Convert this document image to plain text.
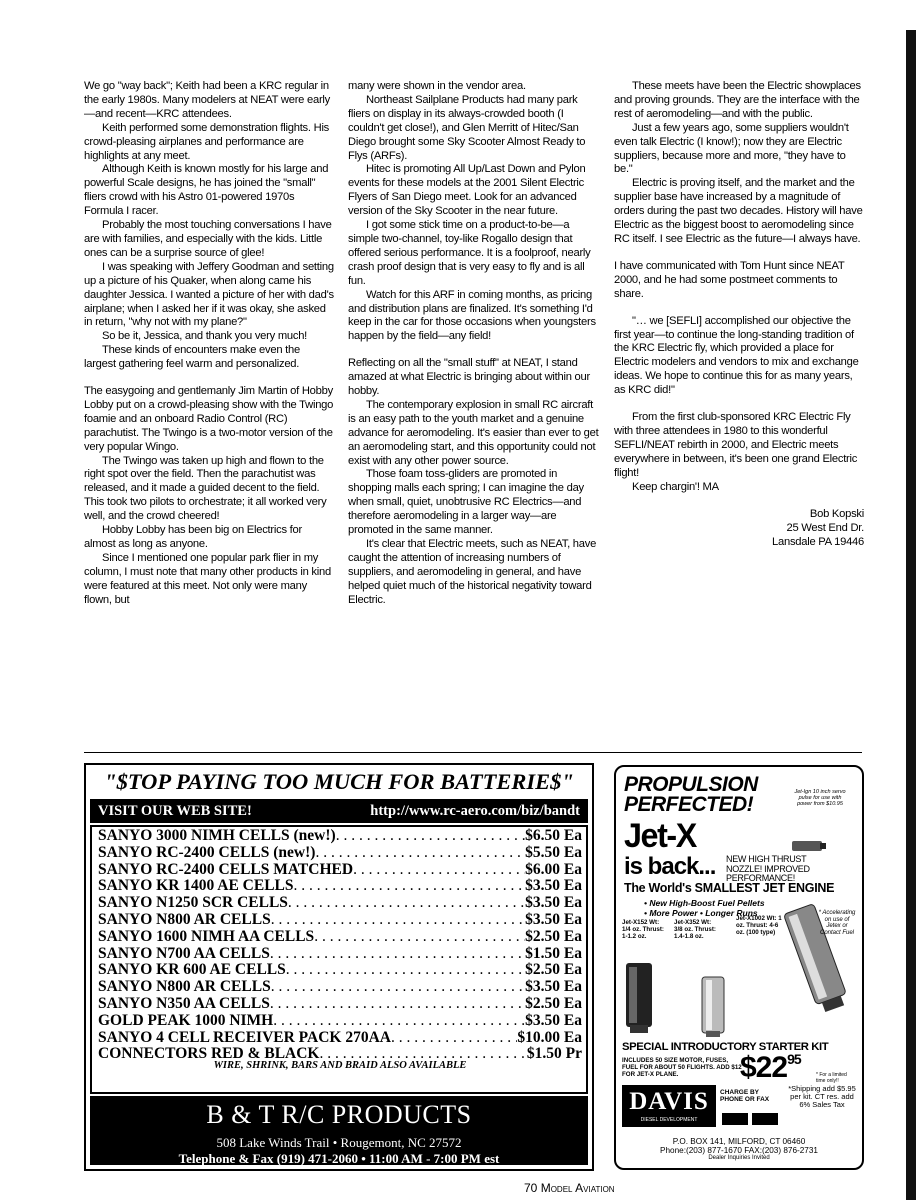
We go "way back"; Keith had been a KRC regular in the early 1980s. Many modelers at NEAT were early—and recent—KRC attendees.

Keith performed some demonstration flights. His crowd-pleasing airplanes and performance are highlights at any meet.

Although Keith is known mostly for his large and powerful Scale designs, he has joined the "small" fliers crowd with his Astro 01-powered 1970s Formula I racer.

Probably the most touching conversations I have are with families, and especially with the kids. Little ones can be a surprise source of glee!

I was speaking with Jeffery Goodman and setting up a picture of his Quaker, when along came his daughter Jessica. I wanted a picture of her with dad's airplane; when I asked her if it was okay, she asked in return, "why not with my plane?"

So be it, Jessica, and thank you very much!

These kinds of encounters make even the largest gathering feel warm and personalized.

The easygoing and gentlemanly Jim Martin of Hobby Lobby put on a crowd-pleasing show with the Twingo foamie and an onboard Radio Control (RC) parachutist. The Twingo is a two-motor version of the very popular Wingo.

The Twingo was taken up high and flown to the right spot over the field. Then the parachutist was released, and it made a guided decent to the field. This took two pilots to orchestrate; it all worked very well, and the crowd cheered!

Hobby Lobby has been big on Electrics for almost as long as anyone.

Since I mentioned one popular park flier in my column, I must note that many other products in kind were featured at this meet. Not only were many flown, but

many were shown in the vendor area.

Northeast Sailplane Products had many park fliers on display in its always-crowded booth (I couldn't get close!), and Glen Merritt of Hitec/San Diego brought some Sky Scooter Almost Ready to Flys (ARFs).

Hitec is promoting All Up/Last Down and Pylon events for these models at the 2001 Silent Electric Flyers of San Diego meet. Look for an advanced version of the Sky Scooter in the near future.

I got some stick time on a product-to-be—a simple two-channel, toy-like Rogallo design that offered serious performance. It is a foolproof, nearly crash proof design that is very easy to fly and is all fun.

Watch for this ARF in coming months, as pricing and distribution plans are finalized. It's something I'd keep in the car for those occasions when youngsters happen by the field—any field!

Reflecting on all the "small stuff" at NEAT, I stand amazed at what Electric is bringing about within our hobby.

The contemporary explosion in small RC aircraft is an easy path to the youth market and a genuine advance for aeromodeling. It's easier than ever to get an aeromodeling start, and this opportunity could not exist with any other power source.

Those foam toss-gliders are promoted in shopping malls each spring; I can imagine the day when small, quiet, unobtrusive RC Electrics—and therefore aeromodeling in a larger way—are promoted in the same manner.

It's clear that Electric meets, such as NEAT, have caught the attention of increasing numbers of suppliers, and aeromodeling in general, and have helped quiet much of the historical negativity toward Electric.

These meets have been the Electric showplaces and proving grounds. They are the interface with the rest of aeromodeling—and with the public.

Just a few years ago, some suppliers wouldn't even talk Electric (I know!); now they are Electric suppliers, because more and more, "they have to be."

Electric is proving itself, and the market and the supplier base have increased by a magnitude of orders during the past two decades. History will have Electric as the biggest boost to aeromodeling since RC itself. I see Electric as the future—I always have.

I have communicated with Tom Hunt since NEAT 2000, and he had some postmeet comments to share.

"… we [SEFLI] accomplished our objective the first year—to continue the long-standing tradition of the KRC Electric fly, which provided a place for Electric modelers and vendors to mix and exchange ideas. We hope to continue this for as many years, as KRC did!"

From the first club-sponsored KRC Electric Fly with three attendees in 1980 to this wonderful SEFLI/NEAT rebirth in 2000, and Electric meets everywhere in between, it's been one grand Electric flight!

Keep chargin'! MA

Bob Kopski

25 West End Dr.

Lansdale PA 19446

"$TOP PAYING TOO MUCH FOR BATTERIE$"
VISIT OUR WEB SITE!	http://www.rc-aero.com/biz/bandt
SANYO 3000 NIMH CELLS (new!) . . .	$6.50 Ea
SANYO RC-2400 CELLS (new!) . . .	$5.50 Ea
SANYO RC-2400 CELLS MATCHED . . .	$6.00 Ea
SANYO KR 1400 AE CELLS . . .	$3.50 Ea
SANYO N1250 SCR CELLS . . .	$3.50 Ea
SANYO N800 AR CELLS . . .	$3.50 Ea
SANYO 1600 NIMH AA CELLS . . .	$2.50 Ea
SANYO N700 AA CELLS . . .	$1.50 Ea
SANYO KR 600 AE CELLS . . .	$2.50 Ea
SANYO N800 AR CELLS . . .	$3.50 Ea
SANYO N350 AA CELLS . . .	$2.50 Ea
GOLD PEAK 1000 NIMH . . .	$3.50 Ea
SANYO 4 CELL RECEIVER PACK 270AA . . .	$10.00 Ea
CONNECTORS RED & BLACK . . .	$1.50 Pr
WIRE, SHRINK, BARS AND BRAID ALSO AVAILABLE
B & T R/C PRODUCTS
508 Lake Winds Trail • Rougemont, NC 27572
Telephone & Fax (919) 471-2060 • 11:00 AM - 7:00 PM est
WRITE OR CALL FOR A FREE CATALOG • MASTERCARD & VISA ACCEPTED
PROPULSION
PERFECTED!
Jet-Ign 10 inch servo pulse for use with power from $10.95
Jet-X
is back... NEW HIGH THRUST NOZZLE! IMPROVED PERFORMANCE!
The World's SMALLEST JET ENGINE
• New High-Boost Fuel Pellets
• More Power • Longer Runs
Jet-X152 Wt: 1/4 oz. Thrust: 1-1.2 oz.
Jet-X352 Wt: 3/8 oz. Thrust: 1.4-1.8 oz.
Jet-X1002 Wt: 1 oz. Thrust: 4-6 oz. (100 type)
* Accelerating on use of Jetex or Contact Fuel
SPECIAL INTRODUCTORY STARTER KIT
INCLUDES 50 SIZE MOTOR, FUSES, FUEL FOR ABOUT 50 FLIGHTS. ADD $12 FOR JET-X PLANE.	$\$22^{95}$
* For a limited time only!!
DAVIS
DIESEL DEVELOPMENT
CHARGE BY PHONE OR FAX
*Shipping add $5.95 per kit. CT res. add 6% Sales Tax
P.O. BOX 141, MILFORD, CT 06460
Phone:(203) 877-1670 FAX:(203) 876-2731
Dealer Inquiries Invited
70 Model Aviation
